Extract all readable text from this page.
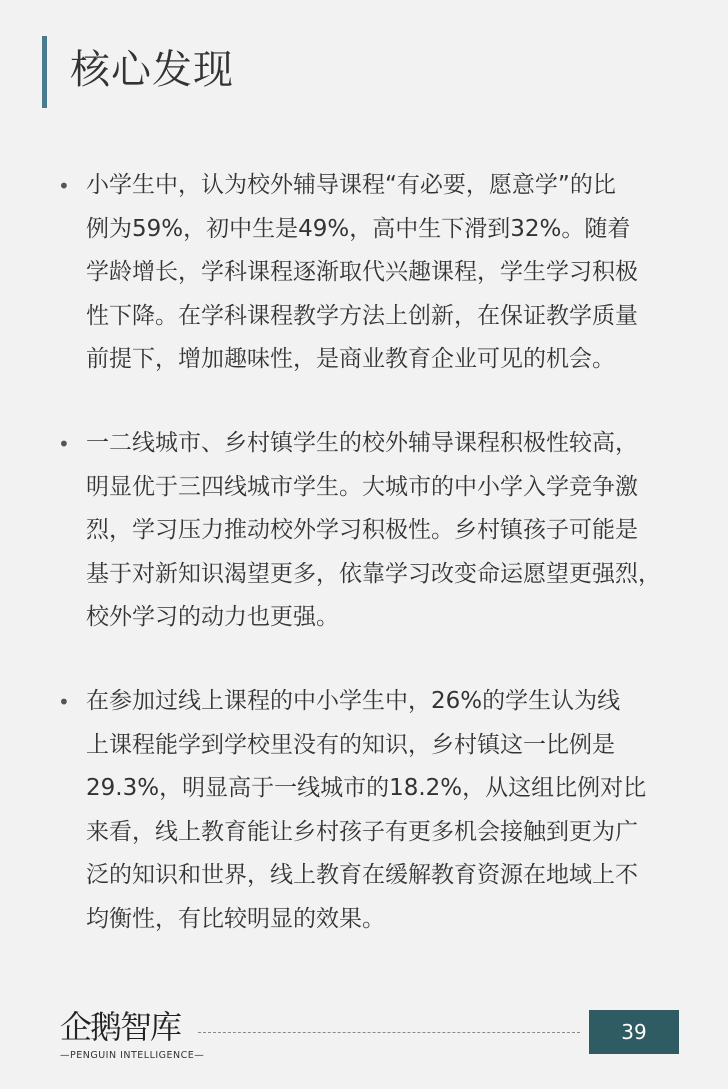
核心发现
• 小学生中，认为校外辅导课程“有必要，愿意学”的比
例为59%，初中生是49%，高中生下滑到32%。随着
学龄增长，学科课程逐渐取代兴趣课程，学生学习积极
性下降。在学科课程教学方法上创新，在保证教学质量
前提下，增加趣味性，是商业教育企业可见的机会。
• 一二线城市、乡村镇学生的校外辅导课程积极性较高，
明显优于三四线城市学生。大城市的中小学入学竞争激
烈，学习压力推动校外学习积极性。乡村镇孩子可能是
基于对新知识渴望更多，依靠学习改变命运愿望更强烈，
校外学习的动力也更强。
• 在参加过线上课程的中小学生中，26%的学生认为线
上课程能学到学校里没有的知识，乡村镇这一比例是
29.3%，明显高于一线城市的18.2%，从这组比例对比
来看，线上教育能让乡村孩子有更多机会接触到更为广
泛的知识和世界，线上教育在缓解教育资源在地域上不
均衡性，有比较明显的效果。
企鹅智库
—PENGUIN INTELLIGENCE—
39
